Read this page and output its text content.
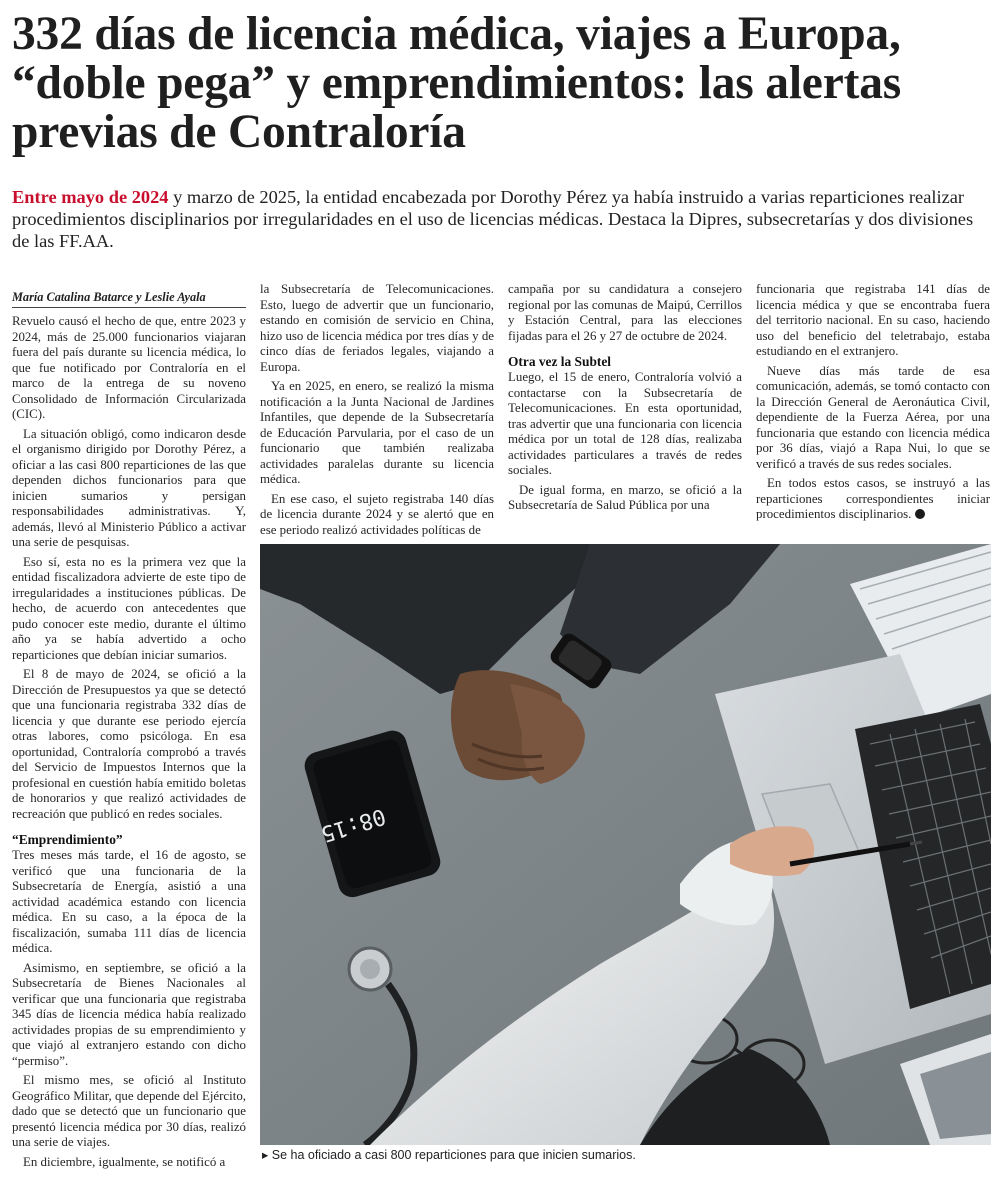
332 días de licencia médica, viajes a Europa, “doble pega” y emprendimientos: las alertas previas de Contraloría

Entre mayo de 2024 y marzo de 2025, la entidad encabezada por Dorothy Pérez ya había instruido a varias reparticiones realizar procedimientos disciplinarios por irregularidades en el uso de licencias médicas. Destaca la Dipres, subsecretarías y dos divisiones de las FF.AA.

María Catalina Batarce y Leslie Ayala

Revuelo causó el hecho de que, entre 2023 y 2024, más de 25.000 funcionarios viajaran fuera del país durante su licencia médica, lo que fue notificado por Contraloría en el marco de la entrega de su noveno Consolidado de Información Circularizada (CIC).

La situación obligó, como indicaron desde el organismo dirigido por Dorothy Pérez, a oficiar a las casi 800 reparticiones de las que dependen dichos funcionarios para que inicien sumarios y persigan responsabilidades administrativas. Y, además, llevó al Ministerio Público a activar una serie de pesquisas.

Eso sí, esta no es la primera vez que la entidad fiscalizadora advierte de este tipo de irregularidades a instituciones públicas. De hecho, de acuerdo con antecedentes que pudo conocer este medio, durante el último año ya se había advertido a ocho reparticiones que debían iniciar sumarios.

El 8 de mayo de 2024, se ofició a la Dirección de Presupuestos ya que se detectó que una funcionaria registraba 332 días de licencia y que durante ese periodo ejercía otras labores, como psicóloga. En esa oportunidad, Contraloría comprobó a través del Servicio de Impuestos Internos que la profesional en cuestión había emitido boletas de honorarios y que realizó actividades de recreación que publicó en redes sociales.

“Emprendimiento”

Tres meses más tarde, el 16 de agosto, se verificó que una funcionaria de la Subsecretaría de Energía, asistió a una actividad académica estando con licencia médica. En su caso, a la época de la fiscalización, sumaba 111 días de licencia médica.

Asimismo, en septiembre, se ofició a la Subsecretaría de Bienes Nacionales al verificar que una funcionaria que registraba 345 días de licencia médica había realizado actividades propias de su emprendimiento y que viajó al extranjero estando con dicho “permiso”.

El mismo mes, se ofició al Instituto Geográfico Militar, que depende del Ejército, dado que se detectó que un funcionario que presentó licencia médica por 30 días, realizó una serie de viajes.

En diciembre, igualmente, se notificó a

la Subsecretaría de Telecomunicaciones. Esto, luego de advertir que un funcionario, estando en comisión de servicio en China, hizo uso de licencia médica por tres días y de cinco días de feriados legales, viajando a Europa.

Ya en 2025, en enero, se realizó la misma notificación a la Junta Nacional de Jardines Infantiles, que depende de la Subsecretaría de Educación Parvularia, por el caso de un funcionario que también realizaba actividades paralelas durante su licencia médica.

En ese caso, el sujeto registraba 140 días de licencia durante 2024 y se alertó que en ese periodo realizó actividades políticas de

campaña por su candidatura a consejero regional por las comunas de Maipú, Cerrillos y Estación Central, para las elecciones fijadas para el 26 y 27 de octubre de 2024.

Otra vez la Subtel

Luego, el 15 de enero, Contraloría volvió a contactarse con la Subsecretaría de Telecomunicaciones. En esta oportunidad, tras advertir que una funcionaria con licencia médica por un total de 128 días, realizaba actividades particulares a través de redes sociales.

De igual forma, en marzo, se ofició a la Subsecretaría de Salud Pública por una

funcionaria que registraba 141 días de licencia médica y que se encontraba fuera del territorio nacional. En su caso, haciendo uso del beneficio del teletrabajo, estaba estudiando en el extranjero.

Nueve días más tarde de esa comunicación, además, se tomó contacto con la Dirección General de Aeronáutica Civil, dependiente de la Fuerza Aérea, por una funcionaria que estando con licencia médica por 36 días, viajó a Rapa Nui, lo que se verificó a través de sus redes sociales.

En todos estos casos, se instruyó a las reparticiones correspondientes iniciar procedimientos disciplinarios.

08:15
▸ Se ha oficiado a casi 800 reparticiones para que inicien sumarios.
